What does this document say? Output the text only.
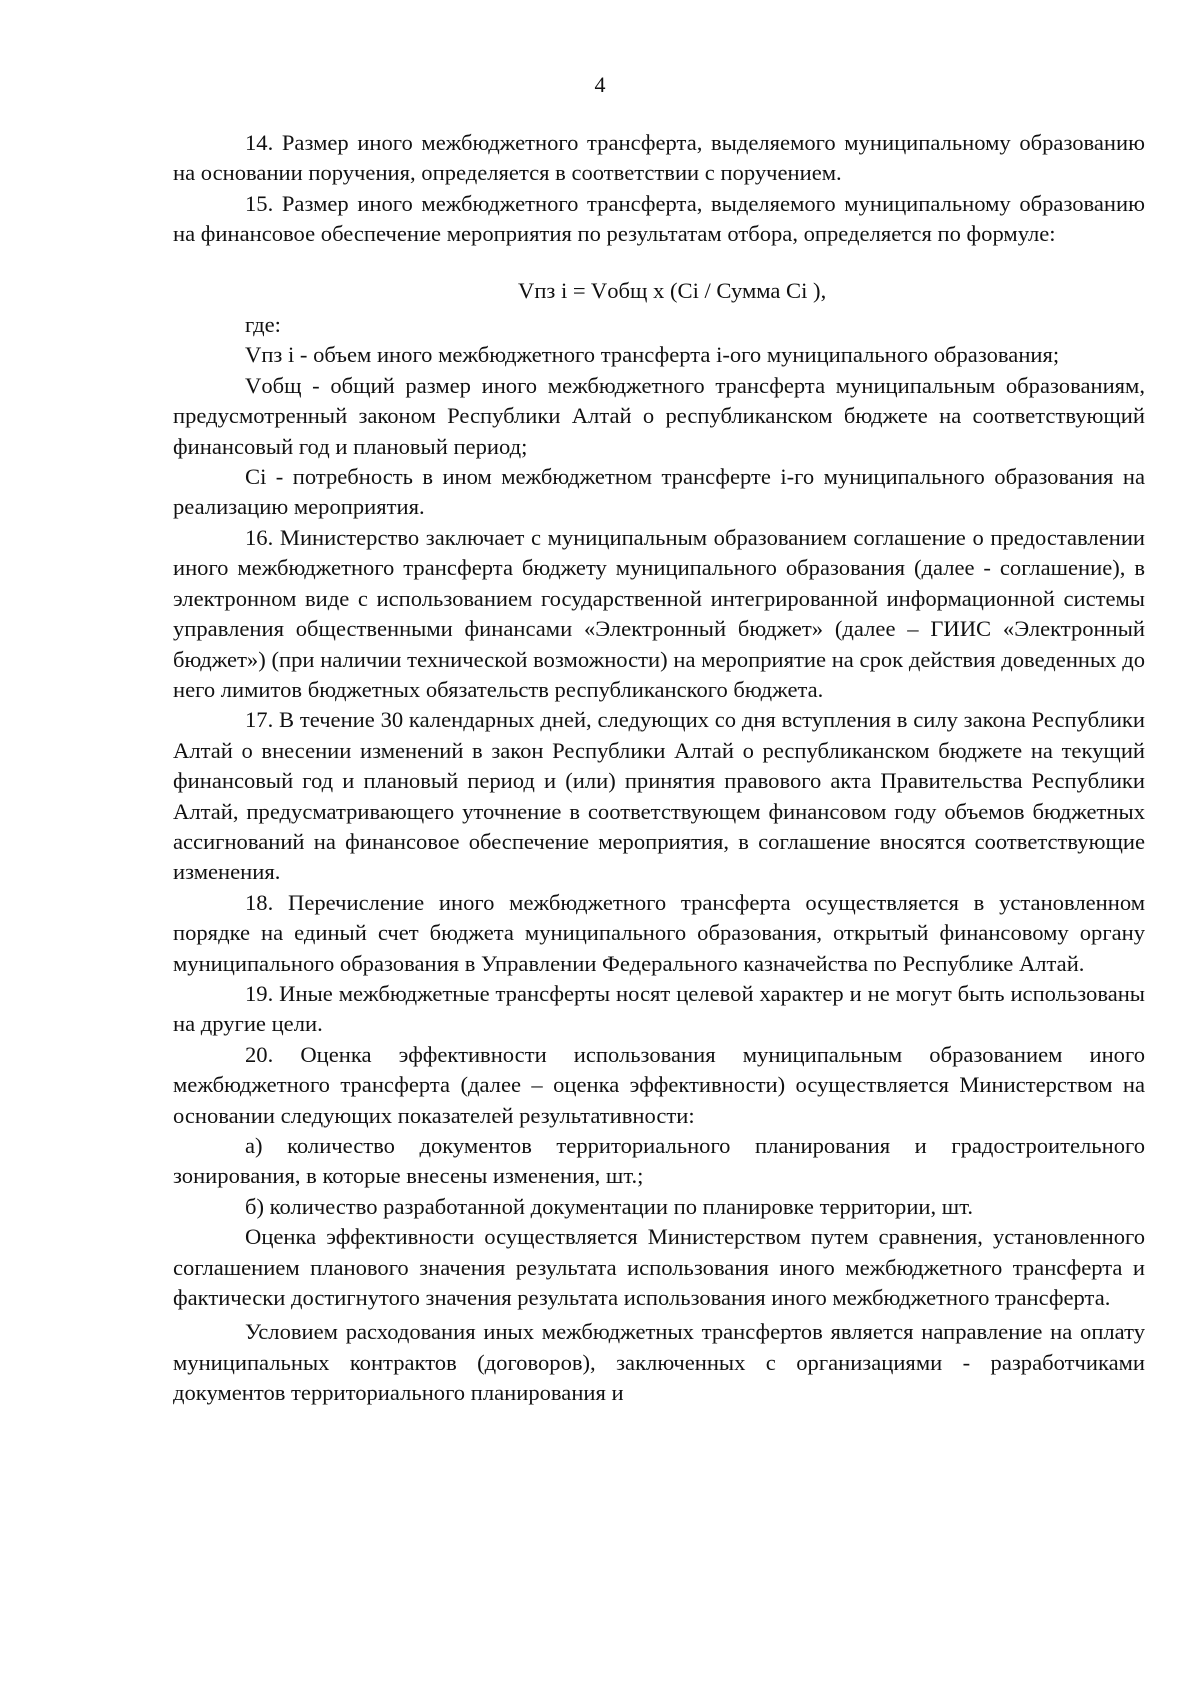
4

14. Размер иного межбюджетного трансферта, выделяемого муниципальному образованию на основании поручения, определяется в соответствии с поручением.

15. Размер иного межбюджетного трансферта, выделяемого муниципальному образованию на финансовое обеспечение мероприятия по результатам отбора, определяется по формуле:

Vпз i = Vобщ x (Ci / Сумма Ci ),

где:

Vпз i - объем иного межбюджетного трансферта i-ого муниципального образования;

Vобщ - общий размер иного межбюджетного трансферта муниципальным образованиям, предусмотренный законом Республики Алтай о республиканском бюджете на соответствующий финансовый год и плановый период;

Ci - потребность в ином межбюджетном трансферте i-го муниципального образования на реализацию мероприятия.

16. Министерство заключает с муниципальным образованием соглашение о предоставлении иного межбюджетного трансферта бюджету муниципального образования (далее - соглашение), в электронном виде с использованием государственной интегрированной информационной системы управления общественными финансами «Электронный бюджет» (далее – ГИИС «Электронный бюджет») (при наличии технической возможности) на мероприятие на срок действия доведенных до него лимитов бюджетных обязательств республиканского бюджета.

17. В течение 30 календарных дней, следующих со дня вступления в силу закона Республики Алтай о внесении изменений в закон Республики Алтай о республиканском бюджете на текущий финансовый год и плановый период и (или) принятия правового акта Правительства Республики Алтай, предусматривающего уточнение в соответствующем финансовом году объемов бюджетных ассигнований на финансовое обеспечение мероприятия, в соглашение вносятся соответствующие изменения.

18. Перечисление иного межбюджетного трансферта осуществляется в установленном порядке на единый счет бюджета муниципального образования, открытый финансовому органу муниципального образования в Управлении Федерального казначейства по Республике Алтай.

19. Иные межбюджетные трансферты носят целевой характер и не могут быть использованы на другие цели.

20. Оценка эффективности использования муниципальным образованием иного межбюджетного трансферта (далее – оценка эффективности) осуществляется Министерством на основании следующих показателей результативности:

а) количество документов территориального планирования и градостроительного зонирования, в которые внесены изменения, шт.;

б) количество разработанной документации по планировке территории, шт.

Оценка эффективности осуществляется Министерством путем сравнения, установленного соглашением планового значения результата использования иного межбюджетного трансферта и фактически достигнутого значения результата использования иного межбюджетного трансферта.

Условием расходования иных межбюджетных трансфертов является направление на оплату муниципальных контрактов (договоров), заключенных с организациями - разработчиками документов территориального планирования и
